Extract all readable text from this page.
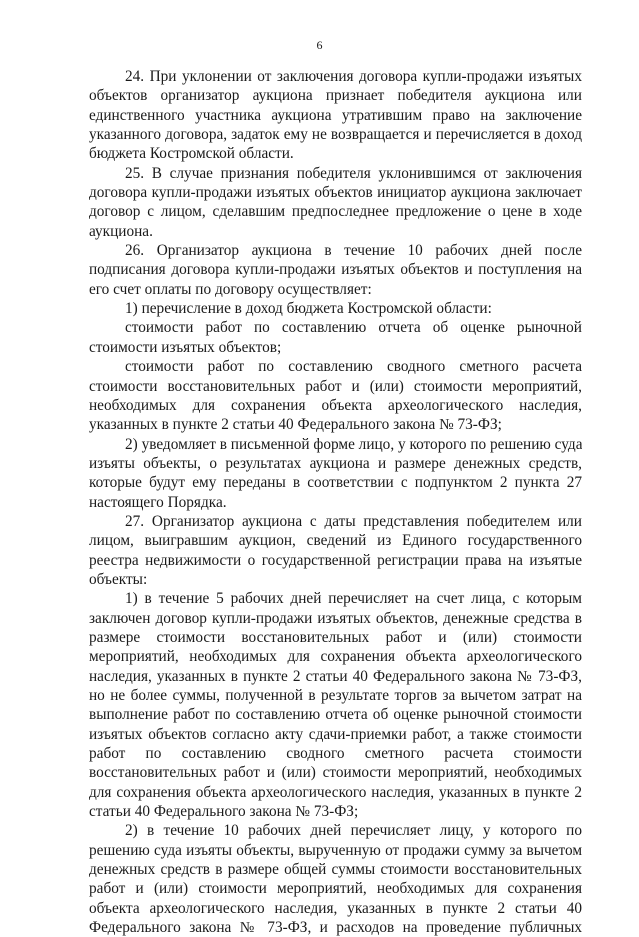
6
24. При уклонении от заключения договора купли-продажи изъятых
объектов организатор аукциона признает победителя аукциона или
единственного участника аукциона утратившим право на заключение
указанного договора, задаток ему не возвращается и перечисляется в доход
бюджета Костромской области.
25. В случае признания победителя уклонившимся от заключения
договора купли-продажи изъятых объектов инициатор аукциона заключает
договор с лицом, сделавшим предпоследнее предложение о цене в ходе
аукциона.
26. Организатор аукциона в течение 10 рабочих дней после
подписания договора купли-продажи изъятых объектов и поступления на
его счет оплаты по договору осуществляет:
1) перечисление в доход бюджета Костромской области:
стоимости работ по составлению отчета об оценке рыночной
стоимости изъятых объектов;
стоимости работ по составлению сводного сметного расчета
стоимости восстановительных работ и (или) стоимости мероприятий,
необходимых для сохранения объекта археологического наследия,
указанных в пункте 2 статьи 40 Федерального закона № 73-ФЗ;
2) уведомляет в письменной форме лицо, у которого по решению суда
изъяты объекты, о результатах аукциона и размере денежных средств,
которые будут ему переданы в соответствии с подпунктом 2 пункта 27
настоящего Порядка.
27. Организатор аукциона с даты представления победителем или
лицом, выигравшим аукцион, сведений из Единого государственного
реестра недвижимости о государственной регистрации права на изъятые
объекты:
1) в течение 5 рабочих дней перечисляет на счет лица, с которым
заключен договор купли-продажи изъятых объектов, денежные средства в
размере стоимости восстановительных работ и (или) стоимости
мероприятий, необходимых для сохранения объекта археологического
наследия, указанных в пункте 2 статьи 40 Федерального закона № 73-ФЗ,
но не более суммы, полученной в результате торгов за вычетом затрат на
выполнение работ по составлению отчета об оценке рыночной стоимости
изъятых объектов согласно акту сдачи-приемки работ, а также стоимости
работ по составлению сводного сметного расчета стоимости
восстановительных работ и (или) стоимости мероприятий, необходимых
для сохранения объекта археологического наследия, указанных в пункте 2
статьи 40 Федерального закона № 73-ФЗ;
2) в течение 10 рабочих дней перечисляет лицу, у которого по
решению суда изъяты объекты, вырученную от продажи сумму за вычетом
денежных средств в размере общей суммы стоимости восстановительных
работ и (или) стоимости мероприятий, необходимых для сохранения
объекта археологического наследия, указанных в пункте 2 статьи 40
Федерального закона № 73-ФЗ, и расходов на проведение публичных
